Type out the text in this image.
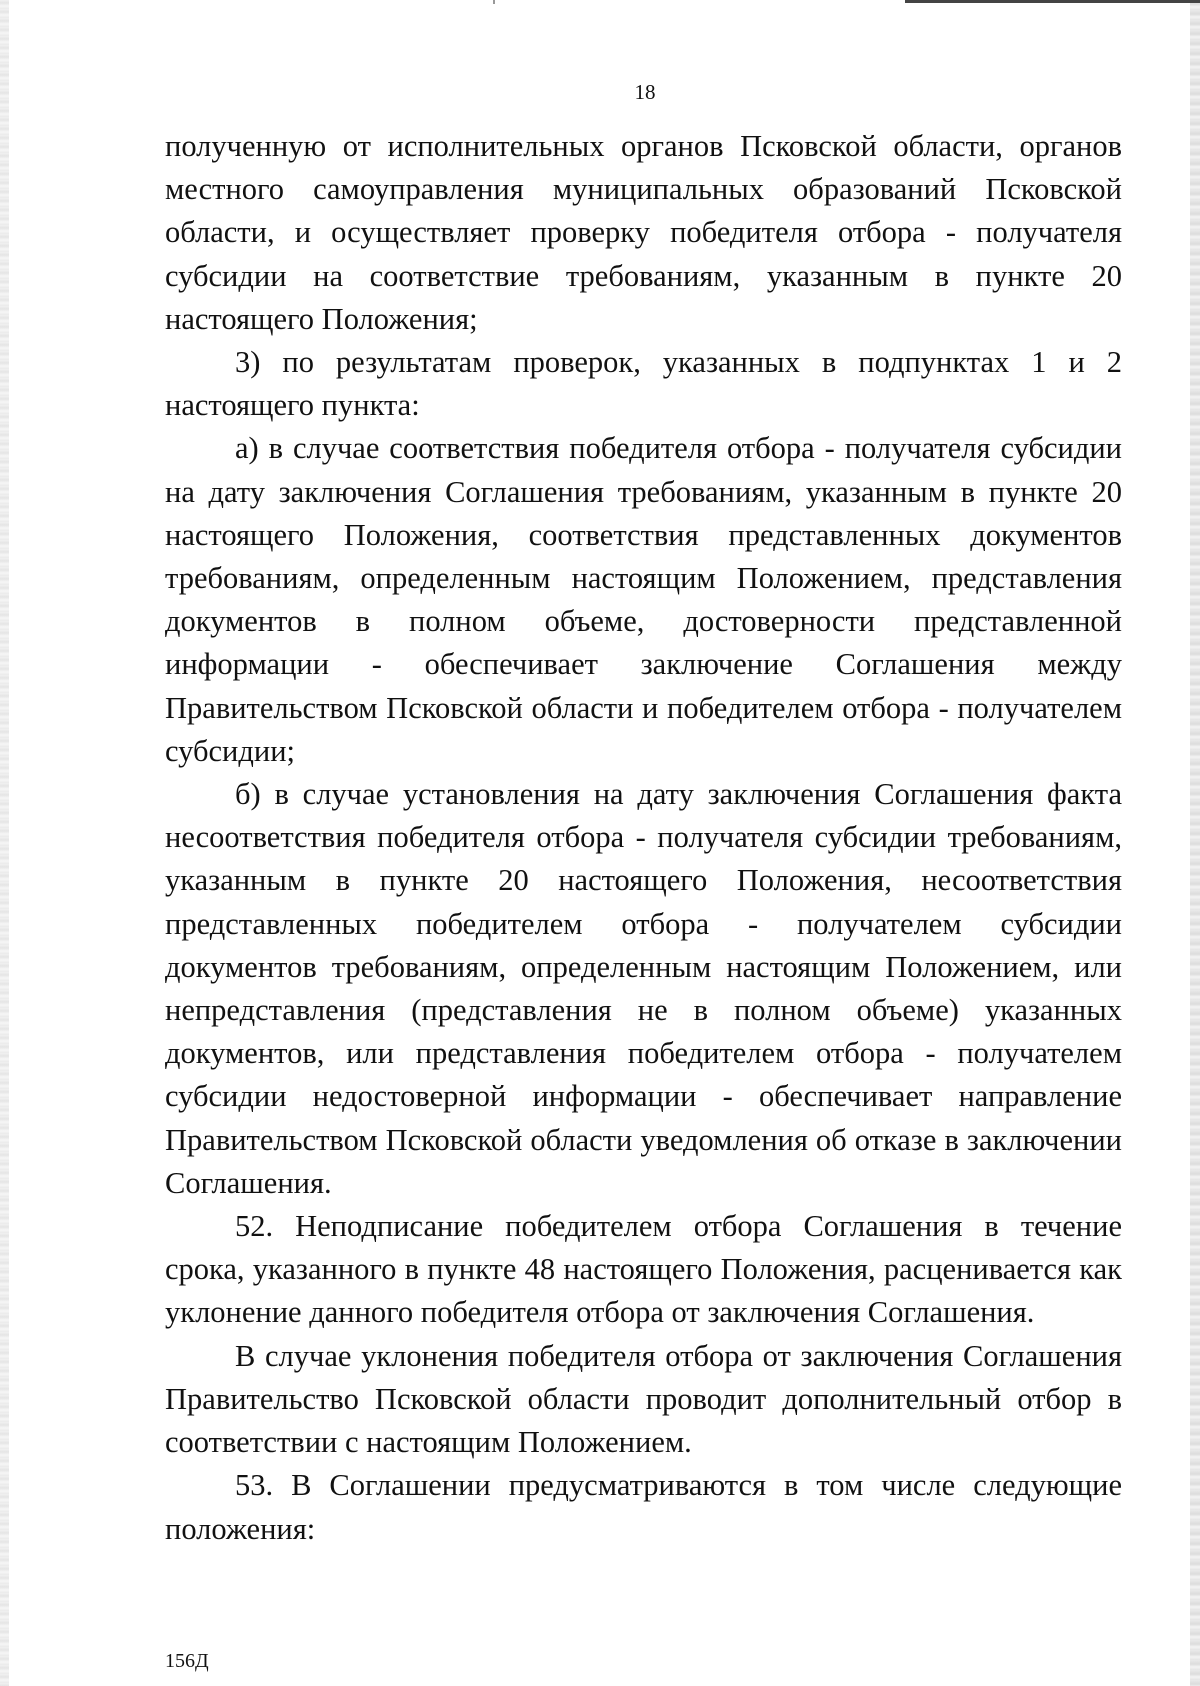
18

полученную от исполнительных органов Псковской области, органов местного самоуправления муниципальных образований Псковской области, и осуществляет проверку победителя отбора - получателя субсидии на соответствие требованиям, указанным в пункте 20 настоящего Положения;

3) по результатам проверок, указанных в подпунктах 1 и 2 настоящего пункта:

а) в случае соответствия победителя отбора - получателя субсидии на дату заключения Соглашения требованиям, указанным в пункте 20 настоящего Положения, соответствия представленных документов требованиям, определенным настоящим Положением, представления документов в полном объеме, достоверности представленной информации - обеспечивает заключение Соглашения между Правительством Псковской области и победителем отбора - получателем субсидии;

б) в случае установления на дату заключения Соглашения факта несоответствия победителя отбора - получателя субсидии требованиям, указанным в пункте 20 настоящего Положения, несоответствия представленных победителем отбора - получателем субсидии документов требованиям, определенным настоящим Положением, или непредставления (представления не в полном объеме) указанных документов, или представления победителем отбора - получателем субсидии недостоверной информации - обеспечивает направление Правительством Псковской области уведомления об отказе в заключении Соглашения.

52. Неподписание победителем отбора Соглашения в течение срока, указанного в пункте 48 настоящего Положения, расценивается как уклонение данного победителя отбора от заключения Соглашения.

В случае уклонения победителя отбора от заключения Соглашения Правительство Псковской области проводит дополнительный отбор в соответствии с настоящим Положением.

53. В Соглашении предусматриваются в том числе следующие положения:

156Д
